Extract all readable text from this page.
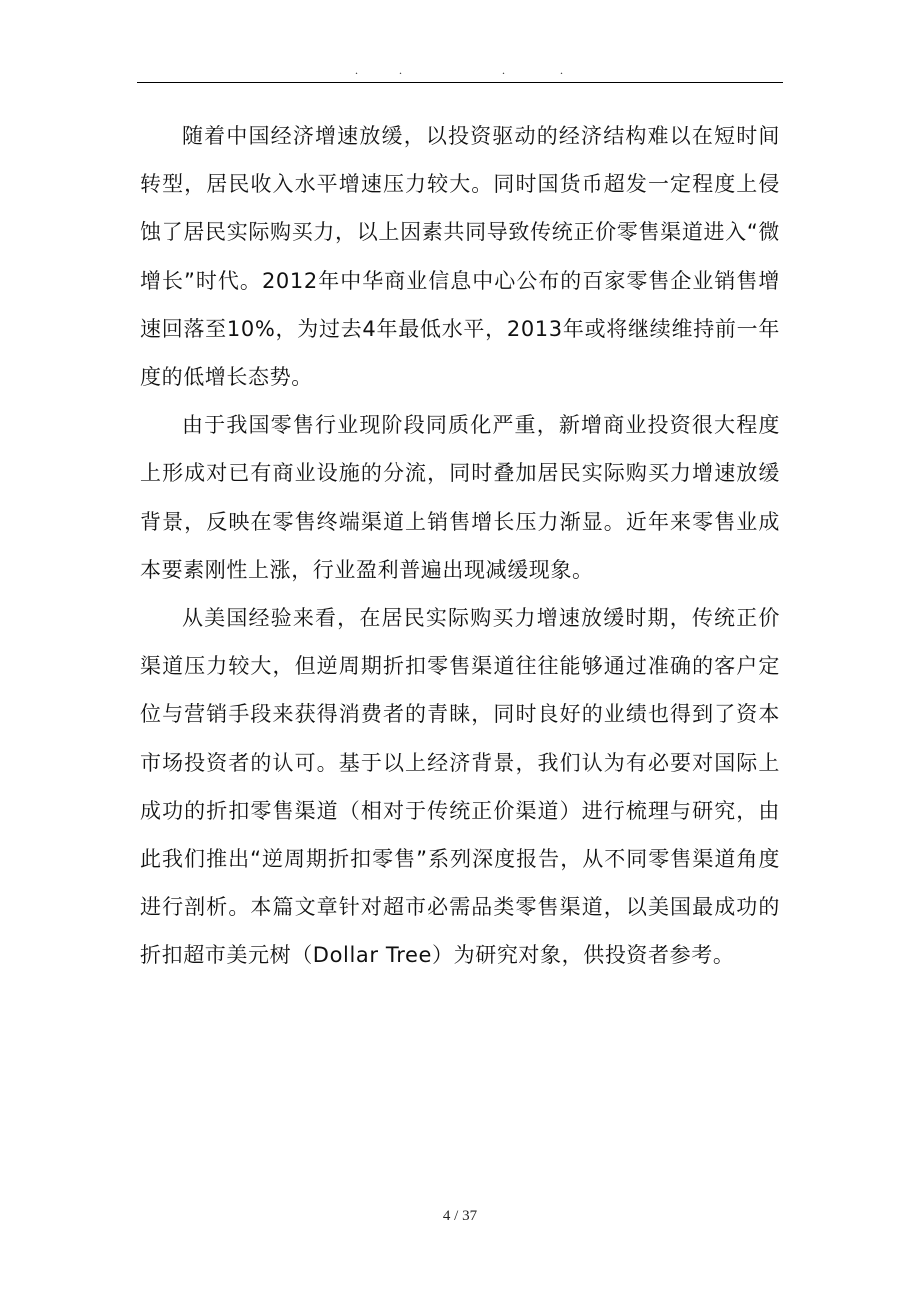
.	.	.	.

随着中国经济增速放缓，以投资驱动的经济结构难以在短时间转型，居民收入水平增速压力较大。同时国货币超发一定程度上侵蚀了居民实际购买力，以上因素共同导致传统正价零售渠道进入“微增长”时代。2012年中华商业信息中心公布的百家零售企业销售增速回落至10%，为过去4年最低水平，2013年或将继续维持前一年度的低增长态势。

由于我国零售行业现阶段同质化严重，新增商业投资很大程度上形成对已有商业设施的分流，同时叠加居民实际购买力增速放缓背景，反映在零售终端渠道上销售增长压力渐显。近年来零售业成本要素刚性上涨，行业盈利普遍出现减缓现象。

从美国经验来看，在居民实际购买力增速放缓时期，传统正价渠道压力较大，但逆周期折扣零售渠道往往能够通过准确的客户定位与营销手段来获得消费者的青睐，同时良好的业绩也得到了资本市场投资者的认可。基于以上经济背景，我们认为有必要对国际上成功的折扣零售渠道（相对于传统正价渠道）进行梳理与研究，由此我们推出“逆周期折扣零售”系列深度报告，从不同零售渠道角度进行剖析。本篇文章针对超市必需品类零售渠道，以美国最成功的折扣超市美元树（Dollar Tree）为研究对象，供投资者参考。

4 / 37
